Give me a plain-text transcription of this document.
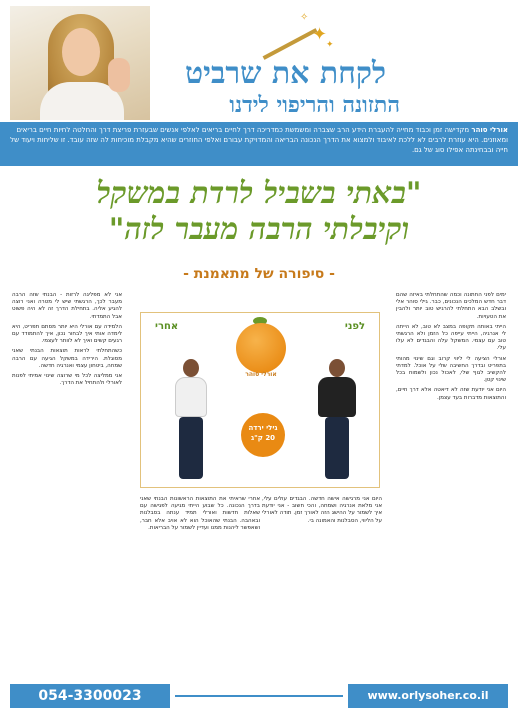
✦
✧
✦
לקחת את שרביט
התזונה והריפוי לידנו
אורלי סוהר מקדישה זמן וכבוד מחייה להעברת הידע הרב שצברה ומשמשת כמדריכה דרך לחיים בריאים לאלפי אנשים שבעזרת פריצת דרך והחלטה לחיות חיים בריאים ומאוזנים. היא עוזרת לרבים לא ללכת לאיבוד ולמצוא את הדרך הנכונה הבריאה והמדויקת עבורם ואלפי החוזרים שהיא מקבלת מוכיחות לה שזה עובד. זו שליחות ויעוד של חייה ובבחינתה אפילו סוג של גם.
"באתי בשביל לרדת במשקל
וקיבלתי הרבה מעבר לזה"
- סיפורה של מתאמנת -

ימים לפני החתונה וכמה שהתחלתי באיזה שהם דבר חדש המלכים הנכונים, כבר. גילי סוהר אלי ובשלב הבא התחלתי להרגיש טוב יותר ולהבין את הטעויות.

הייתי באותה תקופה במצב לא טוב, לא הייתה לי אנרגיה, הייתי עייפה כל הזמן ולא הרגשתי טוב עם עצמי. המשקל עלה והבגדים לא עלו עלי.

אורלי הציעה לי ליווי קרוב וגם שינוי מהותי בתפריט ובדרך החשיבה שלי על אוכל. למדתי להקשיב לגוף שלי, לאכול נכון ולשמוח בכל שינוי קטן.

היום אני יודעת שזה לא דיאטה אלא דרך חיים, והתוצאות מדברות בעד עצמן.

אני לא מפליגה לרזות - הבנתי שזה הרבה מעבר לכך, הרגשתי שיש לי מטרה ואני רוצה להגיע אליה. בתחילת הדרך זה לא היה פשוט אבל התמדתי.

הלמידה עם אורלי היא יותר מסתם תפריט, היא לימדה אותי איך לבחור נכון, איך להתמודד עם רגעים קשים ואיך לא לוותר לעצמי.

כשהתחלתי לראות תוצאות הבנתי שאני מסוגלת. הירידה במשקל הגיעה עם הרבה שמחה, ביטחון עצמי ואנרגיה חדשה.

אני ממליצה לכל מי שרוצה שינוי אמיתי לפנות לאורלי ולהתחיל את הדרך.

לפני
אחרי
אורלי סוהר
גילי ירדה
20 ק"ג
אחרי שראיתי את התוצאות הראשונות הבנתי שאני בדרך הנכונה. כל שבוע הייתי מגיעה לפגישה עם שאלות חדשות ואורלי תמיד ענתה בסבלנות ובאהבה. הבנתי שהאוכל הוא לא אויב אלא חבר, ושאפשר ליהנות ממנו ועדיין לשמור על הבריאות.
היום אני מרגישה אישה חדשה. הבגדים עולים עלי, אני מלאת אנרגיה ושמחה, והכי חשוב - אני יודעת איך לשמור על ההישג הזה לאורך זמן. תודה לאורלי על הליווי, הסבלנות והאמונה בי.
054-3300023	www.orlysoher.co.il
